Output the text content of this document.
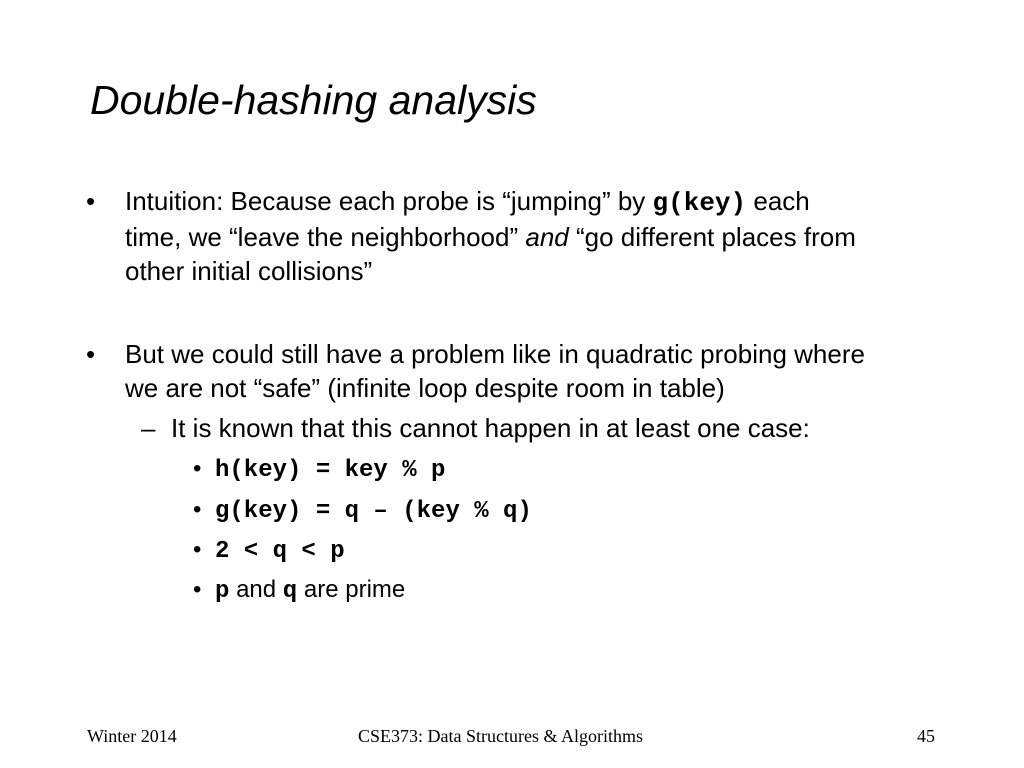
Double-hashing analysis
• Intuition: Because each probe is “jumping” by g(key) each
time, we “leave the neighborhood” and “go different places from
other initial collisions”
• But we could still have a problem like in quadratic probing where
we are not “safe” (infinite loop despite room in table)
– It is known that this cannot happen in at least one case:
• h(key) = key % p
• g(key) = q – (key % q)
• 2 < q < p
• p and q are prime
Winter 2014	CSE373: Data Structures & Algorithms	45
